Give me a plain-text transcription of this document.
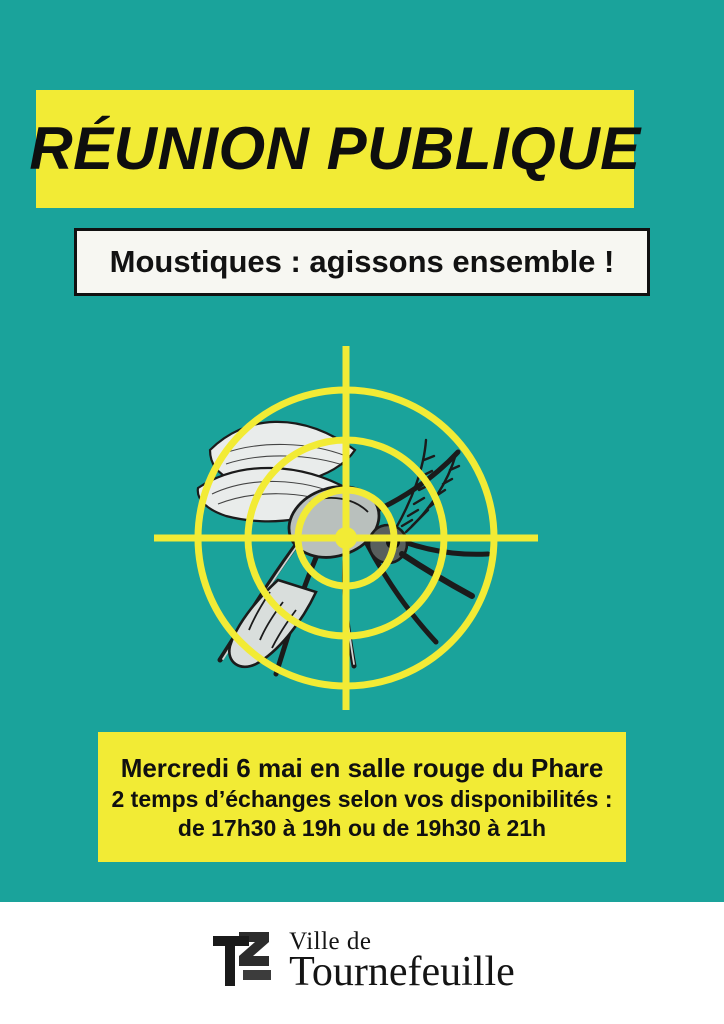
RÉUNION PUBLIQUE
Moustiques : agissons ensemble !
Mercredi 6 mai en salle rouge du Phare
2 temps d’échanges selon vos disponibilités :
de 17h30 à 19h ou de 19h30 à 21h
Ville de
Tournefeuille
